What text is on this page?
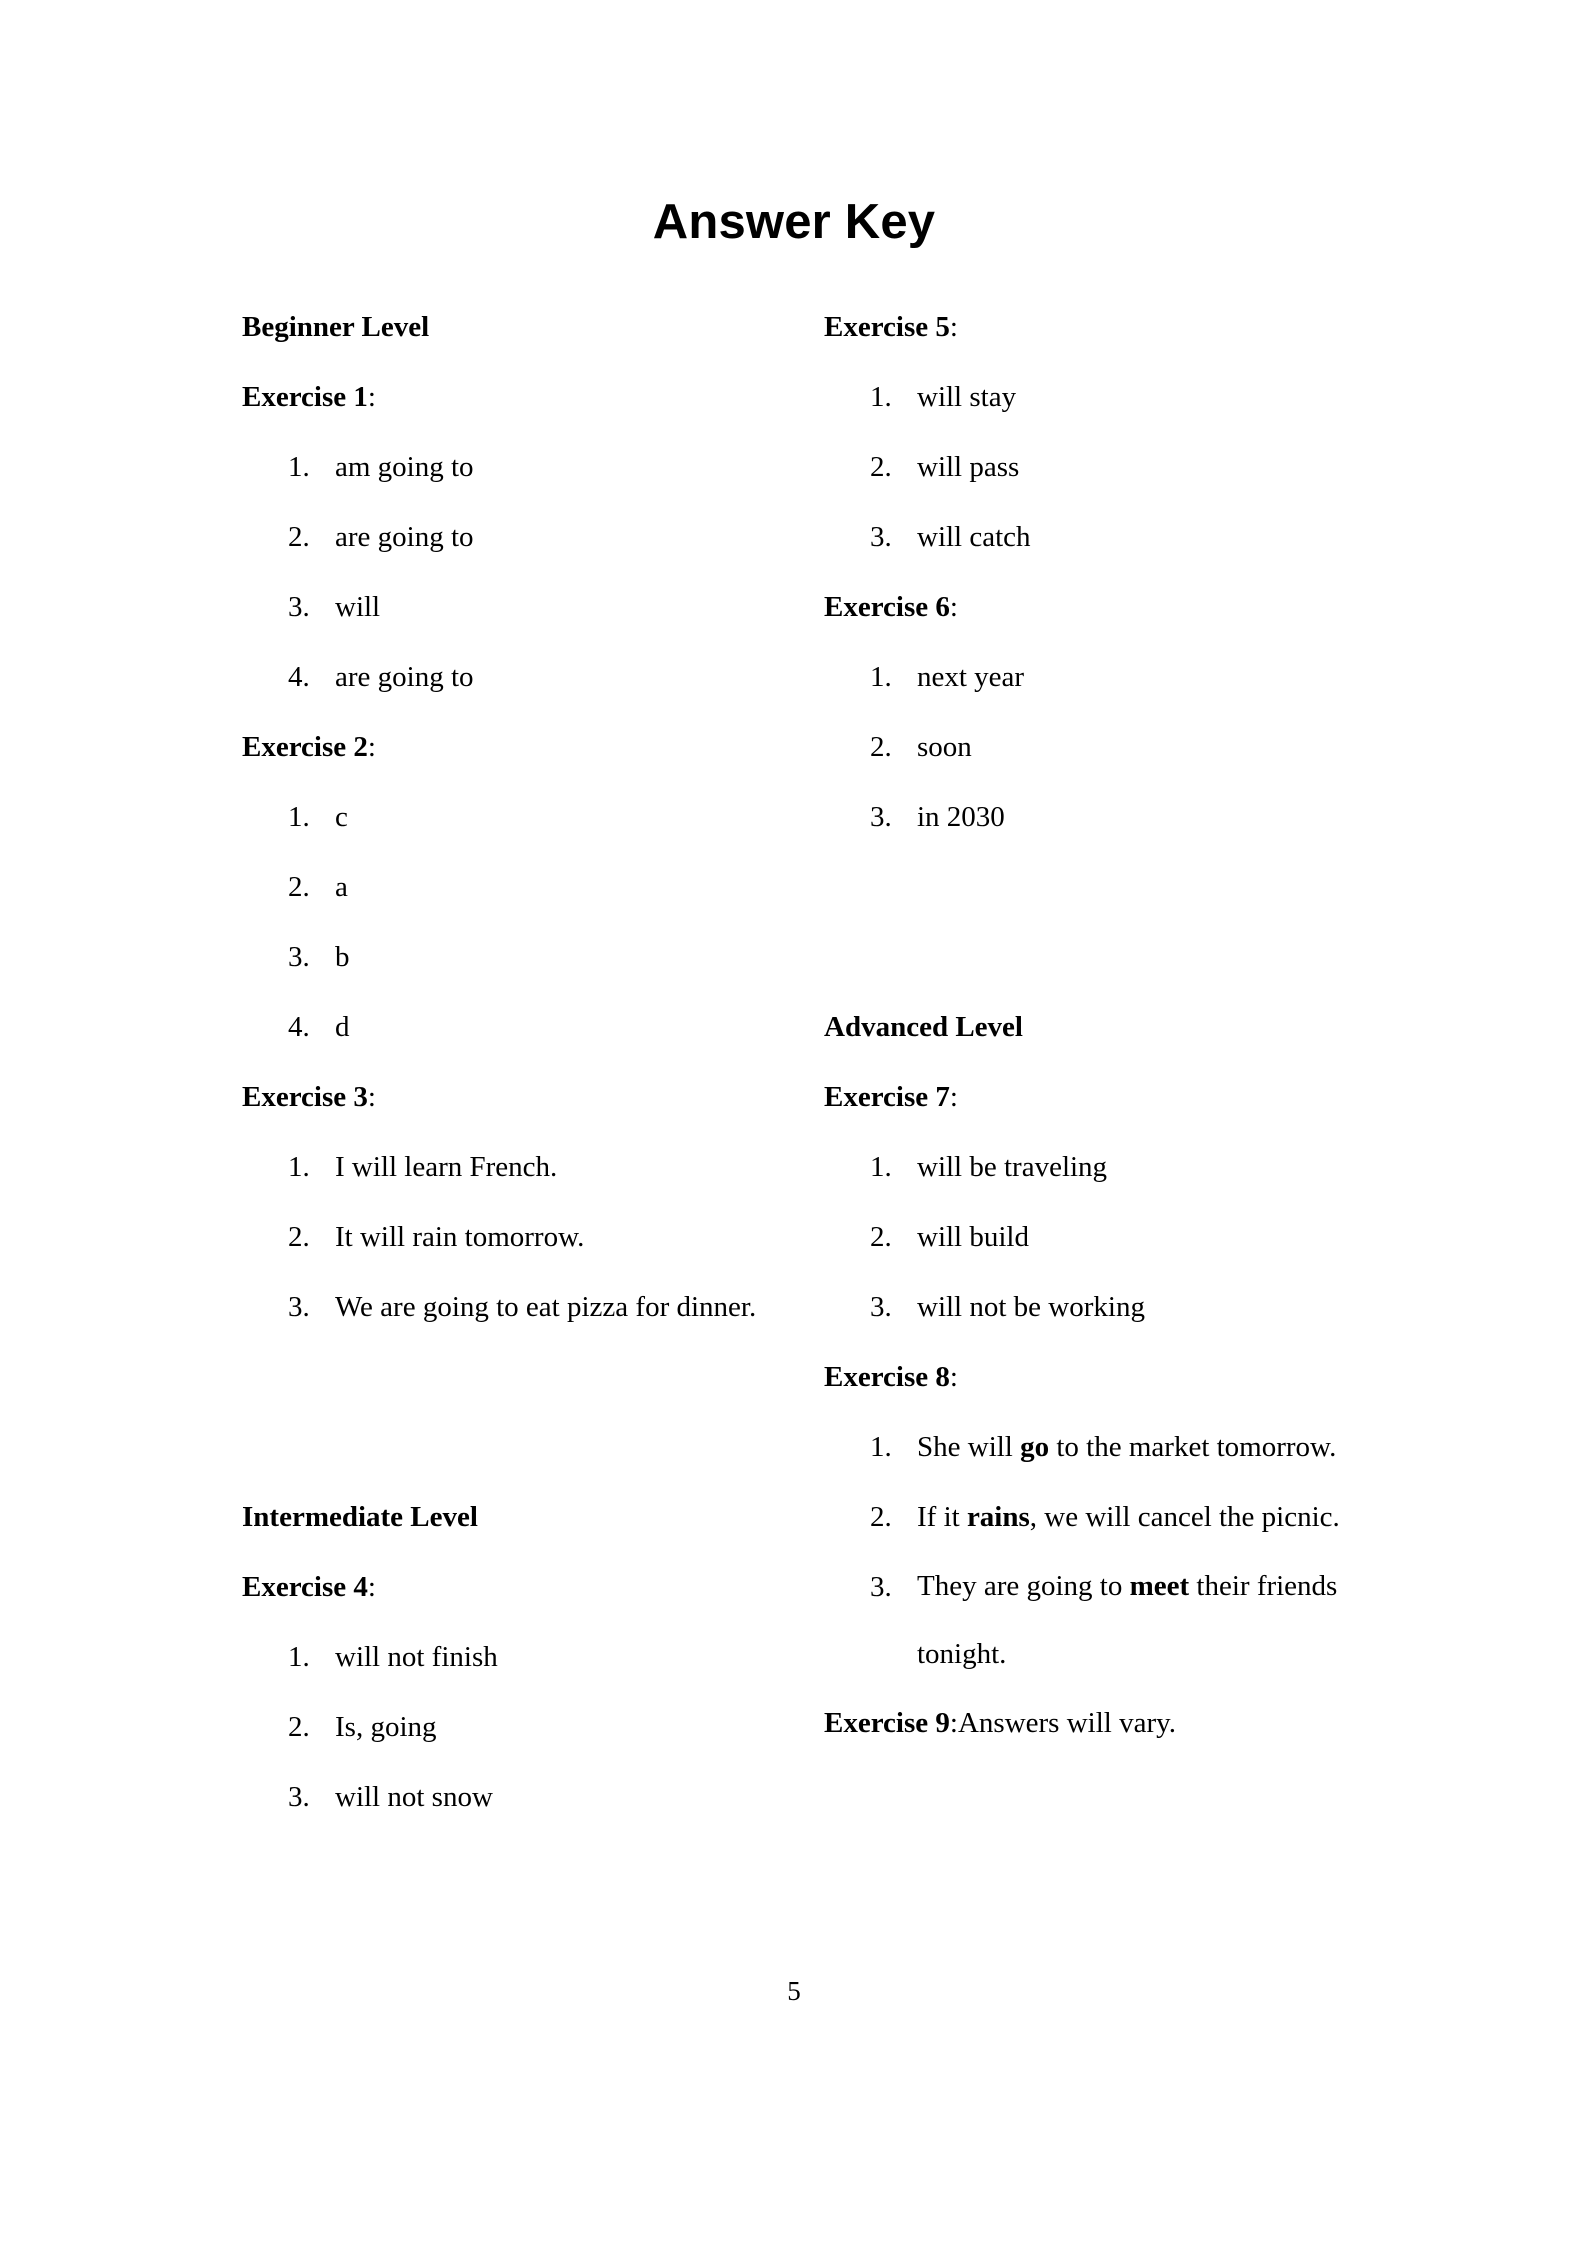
Answer Key
Beginner Level
Exercise 1 :
1. am going to
2. are going to
3. will
4. are going to
Exercise 2 :
1. c
2. a
3. b
4. d
Exercise 3 :
1. I will learn French.
2. It will rain tomorrow.
3. We are going to eat pizza for dinner.
Intermediate Level
Exercise 4 :
1. will not finish
2. Is, going
3. will not snow
Exercise 5 :
1. will stay
2. will pass
3. will catch
Exercise 6 :
1. next year
2. soon
3. in 2030
Advanced Level
Exercise 7 :
1. will be traveling
2. will build
3. will not be working
Exercise 8 :
1. She will go to the market tomorrow.
2. If it rains, we will cancel the picnic.
3. They are going to meet their friends tonight.
Exercise 9 : Answers will vary.
5
